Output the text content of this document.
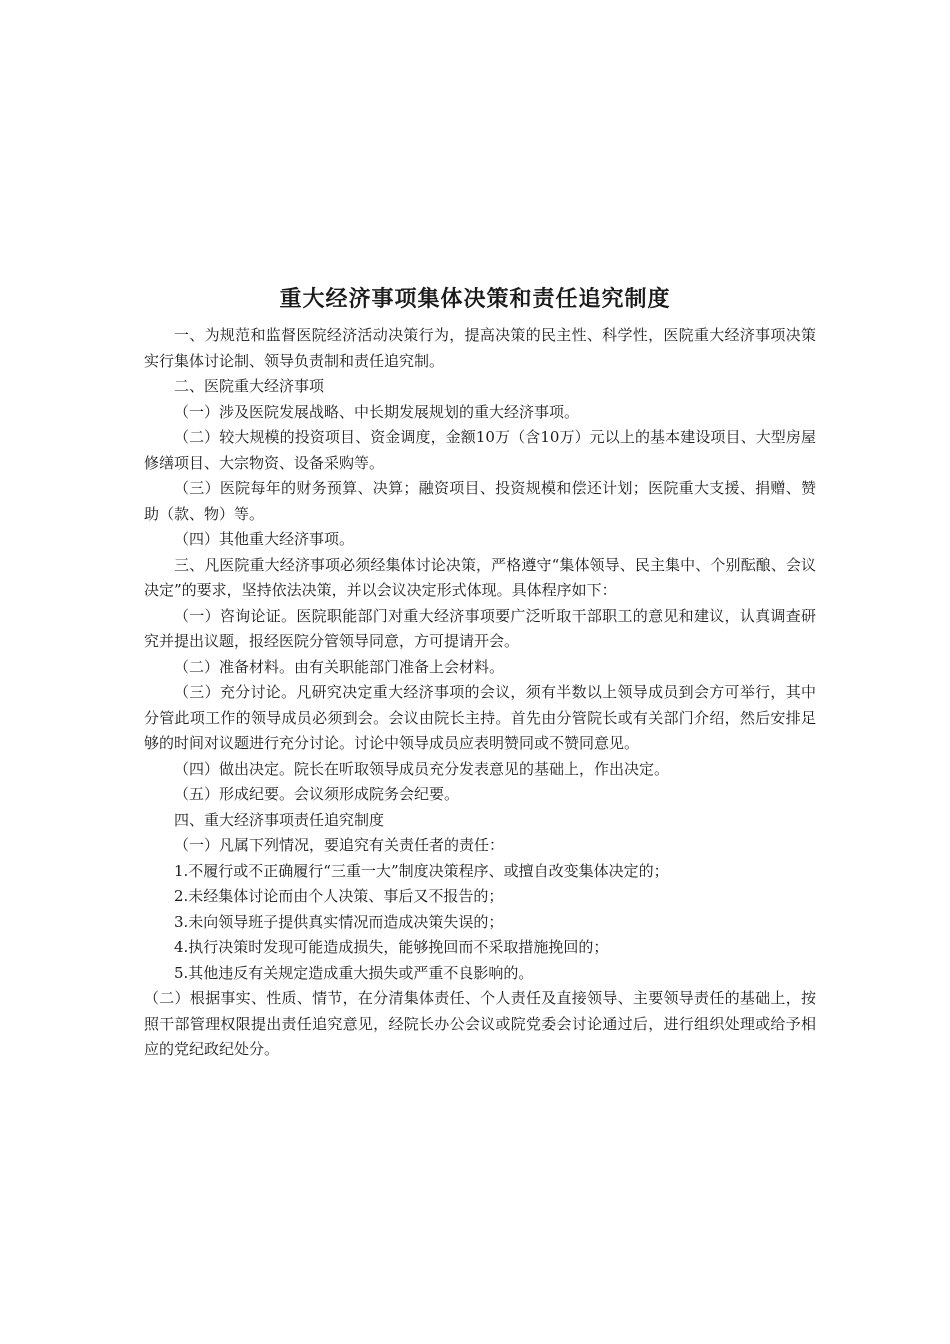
重大经济事项集体决策和责任追究制度

一、为规范和监督医院经济活动决策行为，提高决策的民主性、科学性，医院重大经济事项决策实行集体讨论制、领导负责制和责任追究制。

二、医院重大经济事项

（一）涉及医院发展战略、中长期发展规划的重大经济事项。

（二）较大规模的投资项目、资金调度，金额10万（含10万）元以上的基本建设项目、大型房屋修缮项目、大宗物资、设备采购等。

（三）医院每年的财务预算、决算；融资项目、投资规模和偿还计划；医院重大支援、捐赠、赞助（款、物）等。

（四）其他重大经济事项。

三、凡医院重大经济事项必须经集体讨论决策，严格遵守“集体领导、民主集中、个别酝酿、会议决定”的要求，坚持依法决策，并以会议决定形式体现。具体程序如下：

（一）咨询论证。医院职能部门对重大经济事项要广泛听取干部职工的意见和建议，认真调查研究并提出议题，报经医院分管领导同意，方可提请开会。

（二）准备材料。由有关职能部门准备上会材料。

（三）充分讨论。凡研究决定重大经济事项的会议，须有半数以上领导成员到会方可举行，其中分管此项工作的领导成员必须到会。会议由院长主持。首先由分管院长或有关部门介绍，然后安排足够的时间对议题进行充分讨论。讨论中领导成员应表明赞同或不赞同意见。

（四）做出决定。院长在听取领导成员充分发表意见的基础上，作出决定。

（五）形成纪要。会议须形成院务会纪要。

四、重大经济事项责任追究制度

（一）凡属下列情况，要追究有关责任者的责任：

1.不履行或不正确履行“三重一大”制度决策程序、或擅自改变集体决定的；

2.未经集体讨论而由个人决策、事后又不报告的；

3.未向领导班子提供真实情况而造成决策失误的；

4.执行决策时发现可能造成损失，能够挽回而不采取措施挽回的；

5.其他违反有关规定造成重大损失或严重不良影响的。

（二）根据事实、性质、情节，在分清集体责任、个人责任及直接领导、主要领导责任的基础上，按照干部管理权限提出责任追究意见，经院长办公会议或院党委会讨论通过后，进行组织处理或给予相应的党纪政纪处分。
